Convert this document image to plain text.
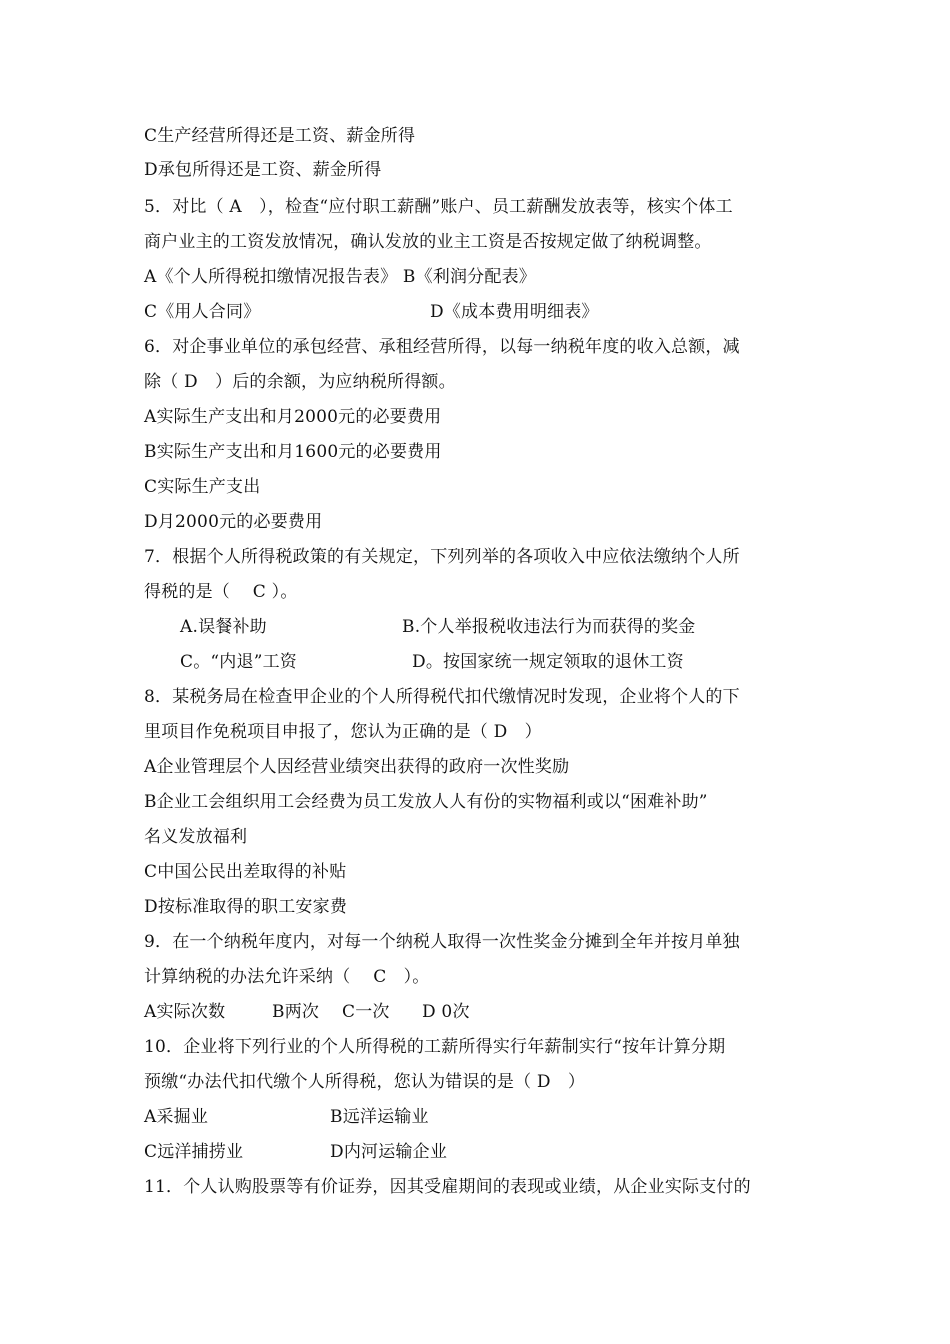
C生产经营所得还是工资、薪金所得
D承包所得还是工资、薪金所得
5．对比（ A　），检查“应付职工薪酬”账户、员工薪酬发放表等，核实个体工
商户业主的工资发放情况，确认发放的业主工资是否按规定做了纳税调整。
A《个人所得税扣缴情况报告表》 B《利润分配表》
C《用人合同》	D《成本费用明细表》
6．对企事业单位的承包经营、承租经营所得，以每一纳税年度的收入总额，减
除（ D　）后的余额，为应纳税所得额。
A实际生产支出和月2000元的必要费用
B实际生产支出和月1600元的必要费用
C实际生产支出
D月2000元的必要费用
7．根据个人所得税政策的有关规定，下列列举的各项收入中应依法缴纳个人所
得税的是（　 C ）。
A.误餐补助	B.个人举报税收违法行为而获得的奖金
C。“内退”工资	D。按国家统一规定领取的退休工资
8．某税务局在检查甲企业的个人所得税代扣代缴情况时发现，企业将个人的下
里项目作免税项目申报了，您认为正确的是（ D　）
A企业管理层个人因经营业绩突出获得的政府一次性奖励
B企业工会组织用工会经费为员工发放人人有份的实物福利或以“困难补助”
名义发放福利
C中国公民出差取得的补贴
D按标准取得的职工安家费
9．在一个纳税年度内，对每一个纳税人取得一次性奖金分摊到全年并按月单独
计算纳税的办法允许采纳（　 C　）。
A实际次数	B两次 C一次 D 0次
10．企业将下列行业的个人所得税的工薪所得实行年薪制实行“按年计算分期
预缴“办法代扣代缴个人所得税，您认为错误的是（ D　）
A采掘业	B远洋运输业
C远洋捕捞业	D内河运输企业
11．个人认购股票等有价证券，因其受雇期间的表现或业绩，从企业实际支付的
